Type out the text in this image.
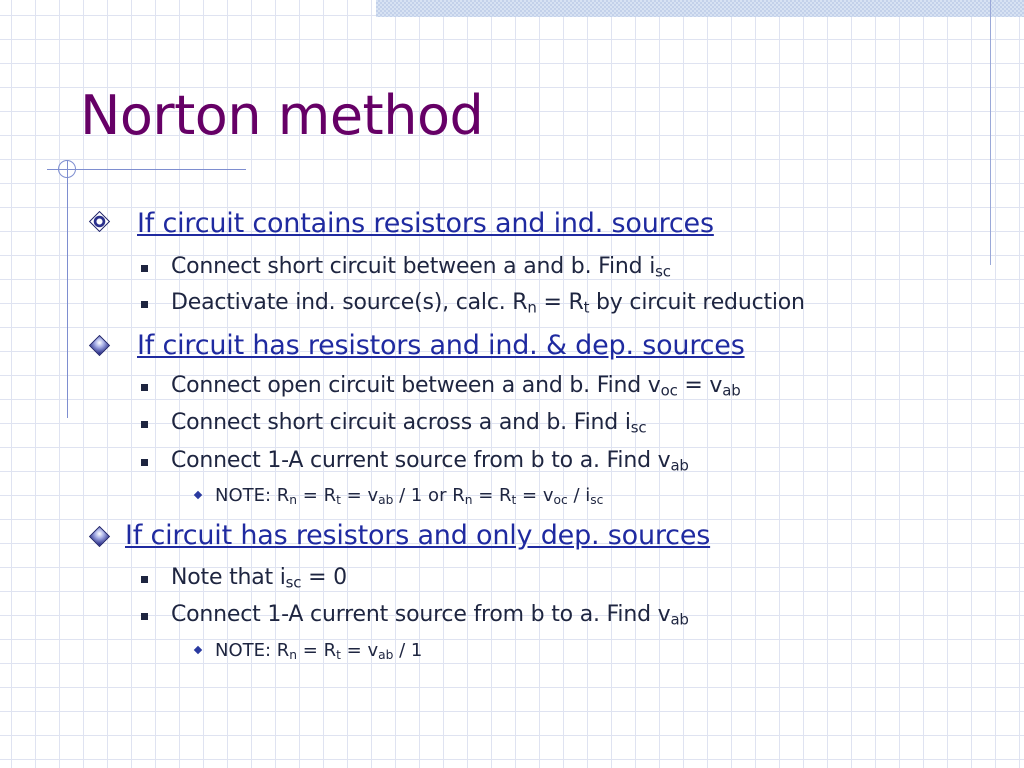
Norton method
If circuit contains resistors and ind. sources
Connect short circuit between a and b. Find $i_{sc}$
Deactivate ind. source(s), calc. $R_n = R_t$ by circuit reduction
If circuit has resistors and ind. & dep. sources
Connect open circuit between a and b. Find $v_{oc} = v_{ab}$
Connect short circuit across a and b. Find $i_{sc}$
Connect 1-A current source from b to a. Find $v_{ab}$
NOTE: $R_n = R_t = v_{ab} / 1$ or $R_n = R_t = v_{oc} / i_{sc}$
If circuit has resistors and only dep. sources
Note that $i_{sc} = 0$
Connect 1-A current source from b to a. Find $v_{ab}$
NOTE: $R_n = R_t = v_{ab} / 1$
